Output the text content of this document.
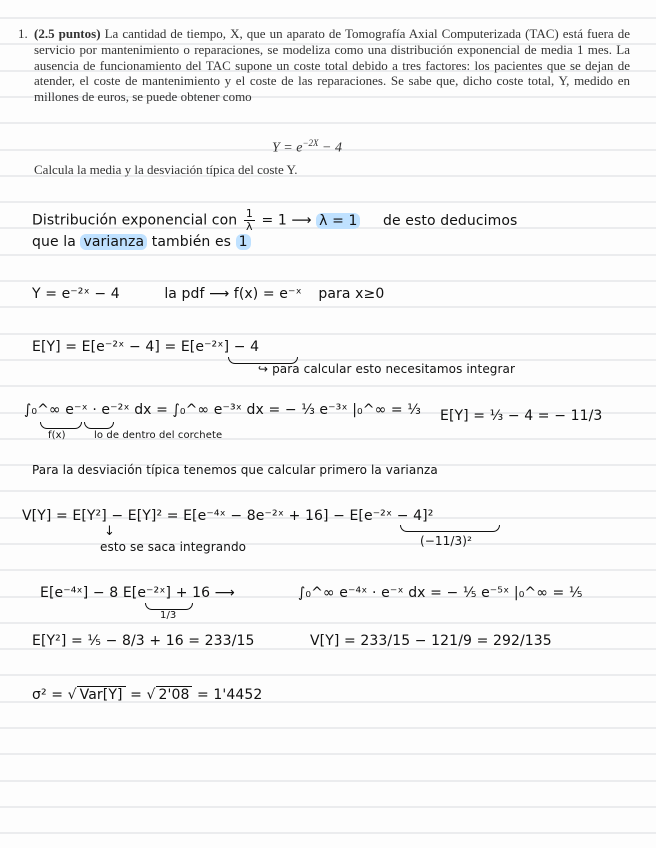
1. (2.5 puntos) La cantidad de tiempo, X, que un aparato de Tomografía Axial Computerizada (TAC) está fuera de servicio por mantenimiento o reparaciones, se modeliza como una distribución exponencial de media 1 mes. La ausencia de funcionamiento del TAC supone un coste total debido a tres factores: los pacientes que se dejan de atender, el coste de mantenimiento y el coste de las reparaciones. Se sabe que, dicho coste total, Y, medido en millones de euros, se puede obtener como
$Y = e^{-2X} - 4$
Calcula la media y la desviación típica del coste Y.
Distribución exponencial con $\frac{1}{\lambda} = 1$ ⟶ λ = 1 de esto deducimos
que la varianza también es 1
Y = e⁻²ˣ − 4	la pdf ⟶ f(x) = e⁻ˣ para x≥0
E[Y] = E[e⁻²ˣ − 4] = E[e⁻²ˣ] − 4
↪ para calcular esto necesitamos integrar
∫₀^∞ e⁻ˣ · e⁻²ˣ dx = ∫₀^∞ e⁻³ˣ dx = − ⅓ e⁻³ˣ |₀^∞ = ⅓
f(x)	lo de dentro del corchete
E[Y] = ⅓ − 4 = − 11/3
Para la desviación típica tenemos que calcular primero la varianza
V[Y] = E[Y²] − E[Y]² = E[e⁻⁴ˣ − 8e⁻²ˣ + 16] − E[e⁻²ˣ − 4]²
(−11/3)²
↓
esto se saca integrando
E[e⁻⁴ˣ] − 8 E[e⁻²ˣ] + 16 ⟶
1/3
∫₀^∞ e⁻⁴ˣ · e⁻ˣ dx = − ⅕ e⁻⁵ˣ |₀^∞ = ⅕
E[Y²] = ⅕ − 8/3 + 16 = 233/15	V[Y] = 233/15 − 121/9 = 292/135
σ² = √ Var[Y] = √ 2'08 = 1'4452
